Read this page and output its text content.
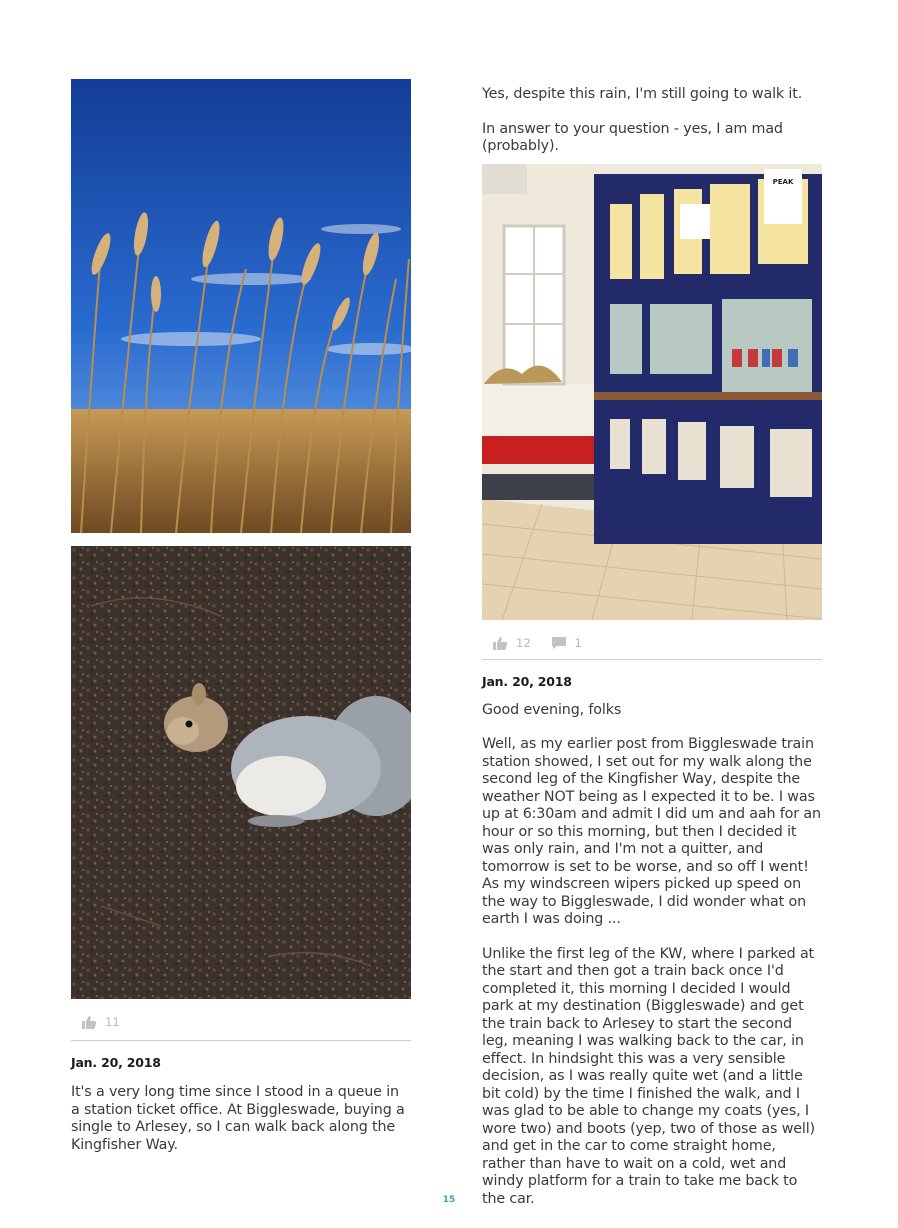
11
Jan. 20, 2018

It's a very long time since I stood in a queue in a station ticket office. At Biggleswade, buying a single to Arlesey, so I can walk back along the Kingfisher Way.

Yes, despite this rain, I'm still going to walk it.

In answer to your question - yes, I am mad (probably).

PEAK
12	1
Jan. 20, 2018

Good evening, folks

Well, as my earlier post from Biggleswade train station showed, I set out for my walk along the second leg of the Kingfisher Way, despite the weather NOT being as I expected it to be. I was up at 6:30am and admit I did um and aah for an hour or so this morning, but then I decided it was only rain, and I'm not a quitter, and tomorrow is set to be worse, and so off I went! As my windscreen wipers picked up speed on the way to Biggleswade, I did wonder what on earth I was doing ...

Unlike the first leg of the KW, where I parked at the start and then got a train back once I'd completed it, this morning I decided I would park at my destination (Biggleswade) and get the train back to Arlesey to start the second leg, meaning I was walking back to the car, in effect. In hindsight this was a very sensible decision, as I was really quite wet (and a little bit cold) by the time I finished the walk, and I was glad to be able to change my coats (yes, I wore two) and boots (yep, two of those as well) and get in the car to come straight home, rather than have to wait on a cold, wet and windy platform for a train to take me back to the car.

15
